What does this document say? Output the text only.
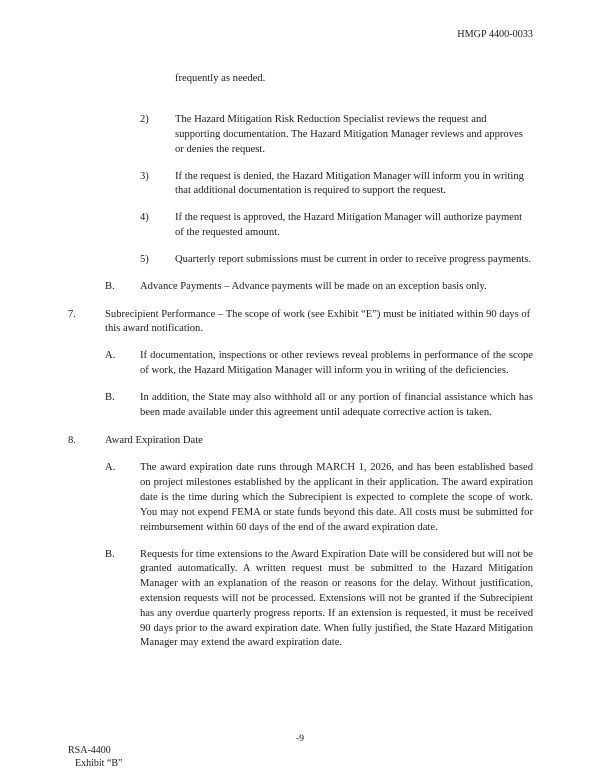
HMGP 4400-0033
frequently as needed.
2)	The Hazard Mitigation Risk Reduction Specialist reviews the request and supporting documentation. The Hazard Mitigation Manager reviews and approves or denies the request.
3)	If the request is denied, the Hazard Mitigation Manager will inform you in writing that additional documentation is required to support the request.
4)	If the request is approved, the Hazard Mitigation Manager will authorize payment of the requested amount.
5)	Quarterly report submissions must be current in order to receive progress payments.
B.	Advance Payments – Advance payments will be made on an exception basis only.
7.	Subrecipient Performance – The scope of work (see Exhibit “E”) must be initiated within 90 days of this award notification.
A.	If documentation, inspections or other reviews reveal problems in performance of the scope of work, the Hazard Mitigation Manager will inform you in writing of the deficiencies.
B.	In addition, the State may also withhold all or any portion of financial assistance which has been made available under this agreement until adequate corrective action is taken.
8.	Award Expiration Date
A.	The award expiration date runs through MARCH 1, 2026, and has been established based on project milestones established by the applicant in their application. The award expiration date is the time during which the Subrecipient is expected to complete the scope of work. You may not expend FEMA or state funds beyond this date. All costs must be submitted for reimbursement within 60 days of the end of the award expiration date.
B.	Requests for time extensions to the Award Expiration Date will be considered but will not be granted automatically. A written request must be submitted to the Hazard Mitigation Manager with an explanation of the reason or reasons for the delay. Without justification, extension requests will not be processed. Extensions will not be granted if the Subrecipient has any overdue quarterly progress reports. If an extension is requested, it must be received 90 days prior to the award expiration date. When fully justified, the State Hazard Mitigation Manager may extend the award expiration date.
-9
RSA-4400
Exhibit “B”
